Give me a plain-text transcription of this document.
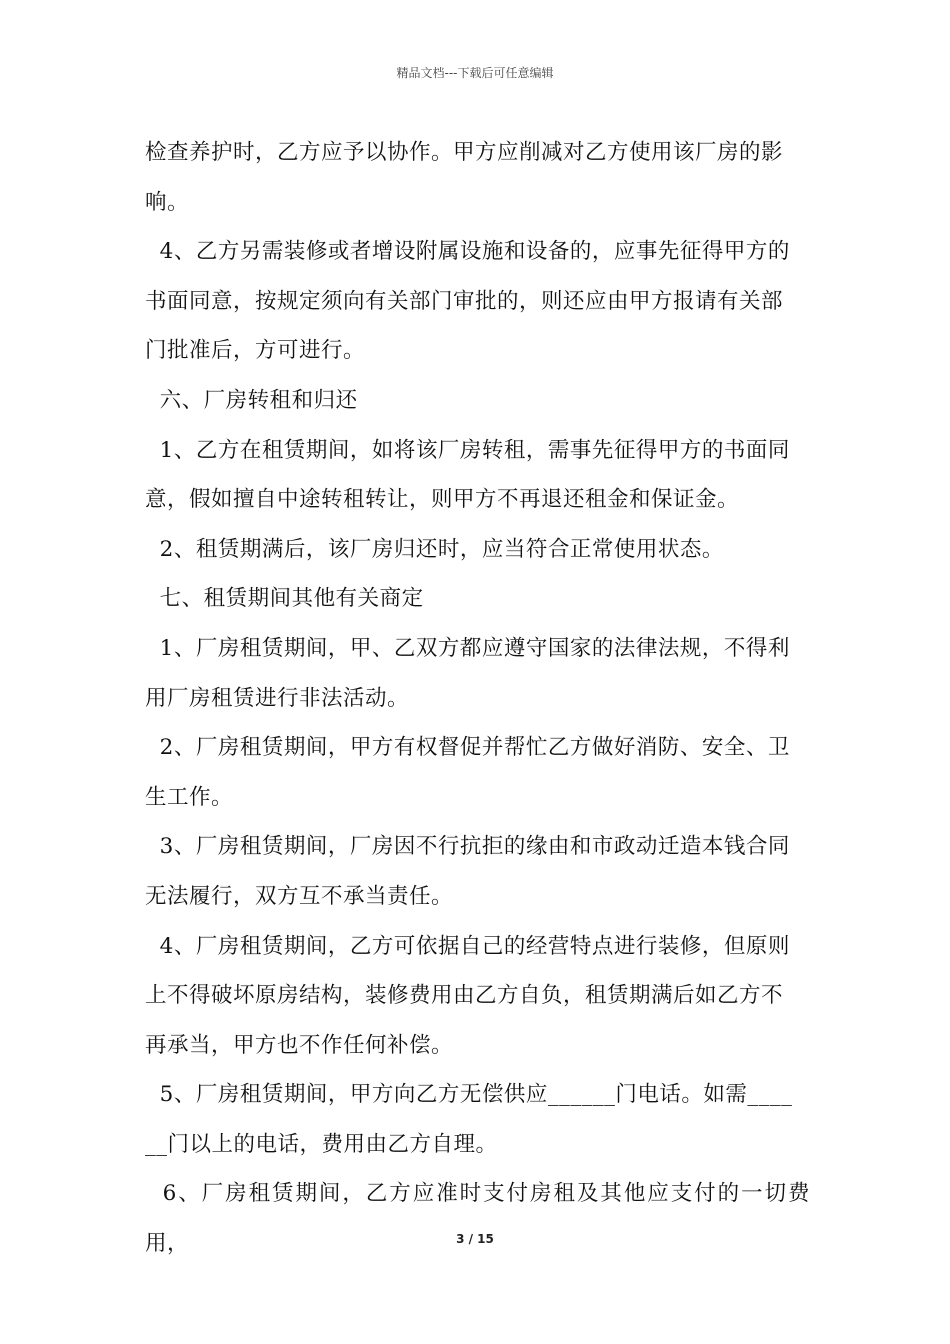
精品文档---下载后可任意编辑

检查养护时，乙方应予以协作。甲方应削减对乙方使用该厂房的影

响。

4、乙方另需装修或者增设附属设施和设备的，应事先征得甲方的

书面同意，按规定须向有关部门审批的，则还应由甲方报请有关部

门批准后，方可进行。

六、厂房转租和归还

1、乙方在租赁期间，如将该厂房转租，需事先征得甲方的书面同

意，假如擅自中途转租转让，则甲方不再退还租金和保证金。

2、租赁期满后，该厂房归还时，应当符合正常使用状态。

七、租赁期间其他有关商定

1、厂房租赁期间，甲、乙双方都应遵守国家的法律法规，不得利

用厂房租赁进行非法活动。

2、厂房租赁期间，甲方有权督促并帮忙乙方做好消防、安全、卫

生工作。

3、厂房租赁期间，厂房因不行抗拒的缘由和市政动迁造本钱合同

无法履行，双方互不承当责任。

4、厂房租赁期间，乙方可依据自己的经营特点进行装修，但原则

上不得破坏原房结构，装修费用由乙方自负，租赁期满后如乙方不

再承当，甲方也不作任何补偿。

5、厂房租赁期间，甲方向乙方无偿供应______门电话。如需____

__门以上的电话，费用由乙方自理。

6、厂房租赁期间，乙方应准时支付房租及其他应支付的一切费用，	3 / 15
